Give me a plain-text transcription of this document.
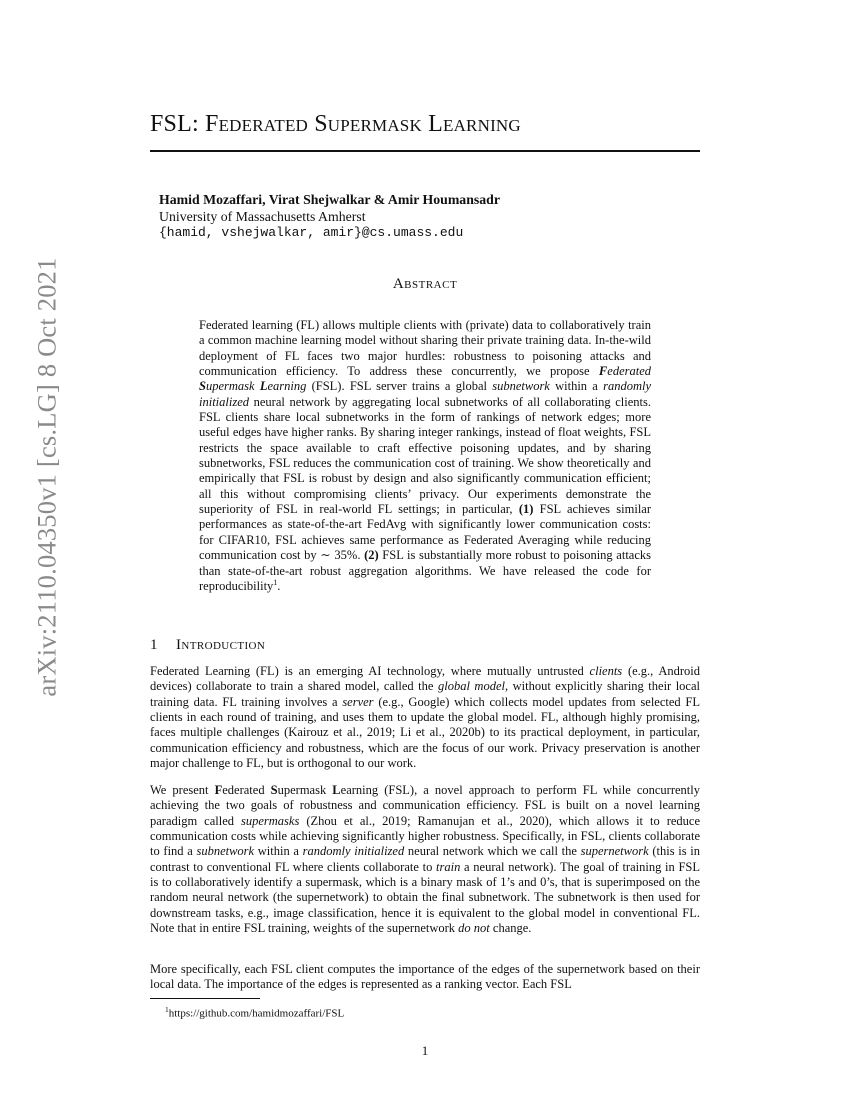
arXiv:2110.04350v1 [cs.LG] 8 Oct 2021
FSL: Federated Supermask Learning
Hamid Mozaffari, Virat Shejwalkar & Amir Houmansadr
University of Massachusetts Amherst
{hamid, vshejwalkar, amir}@cs.umass.edu
Abstract

Federated learning (FL) allows multiple clients with (private) data to collaboratively train a common machine learning model without sharing their private training data. In-the-wild deployment of FL faces two major hurdles: robustness to poisoning attacks and communication efficiency. To address these concurrently, we propose Federated Supermask Learning (FSL). FSL server trains a global subnetwork within a randomly initialized neural network by aggregating local subnetworks of all collaborating clients. FSL clients share local subnetworks in the form of rankings of network edges; more useful edges have higher ranks. By sharing integer rankings, instead of float weights, FSL restricts the space available to craft effective poisoning updates, and by sharing subnetworks, FSL reduces the communication cost of training. We show theoretically and empirically that FSL is robust by design and also significantly communication efficient; all this without compromising clients’ privacy. Our experiments demonstrate the superiority of FSL in real-world FL settings; in particular, (1) FSL achieves similar performances as state-of-the-art FedAvg with significantly lower communication costs: for CIFAR10, FSL achieves same performance as Federated Averaging while reducing communication cost by ∼ 35%. (2) FSL is substantially more robust to poisoning attacks than state-of-the-art robust aggregation algorithms. We have released the code for reproducibility$^1$.

1 Introduction

Federated Learning (FL) is an emerging AI technology, where mutually untrusted clients (e.g., Android devices) collaborate to train a shared model, called the global model, without explicitly sharing their local training data. FL training involves a server (e.g., Google) which collects model updates from selected FL clients in each round of training, and uses them to update the global model. FL, although highly promising, faces multiple challenges (Kairouz et al., 2019; Li et al., 2020b) to its practical deployment, in particular, communication efficiency and robustness, which are the focus of our work. Privacy preservation is another major challenge to FL, but is orthogonal to our work.

We present Federated Supermask Learning (FSL), a novel approach to perform FL while concurrently achieving the two goals of robustness and communication efficiency. FSL is built on a novel learning paradigm called supermasks (Zhou et al., 2019; Ramanujan et al., 2020), which allows it to reduce communication costs while achieving significantly higher robustness. Specifically, in FSL, clients collaborate to find a subnetwork within a randomly initialized neural network which we call the supernetwork (this is in contrast to conventional FL where clients collaborate to train a neural network). The goal of training in FSL is to collaboratively identify a supermask, which is a binary mask of 1’s and 0’s, that is superimposed on the random neural network (the supernetwork) to obtain the final subnetwork. The subnetwork is then used for downstream tasks, e.g., image classification, hence it is equivalent to the global model in conventional FL. Note that in entire FSL training, weights of the supernetwork do not change.

More specifically, each FSL client computes the importance of the edges of the supernetwork based on their local data. The importance of the edges is represented as a ranking vector. Each FSL

$^1$https://github.com/hamidmozaffari/FSL
1
